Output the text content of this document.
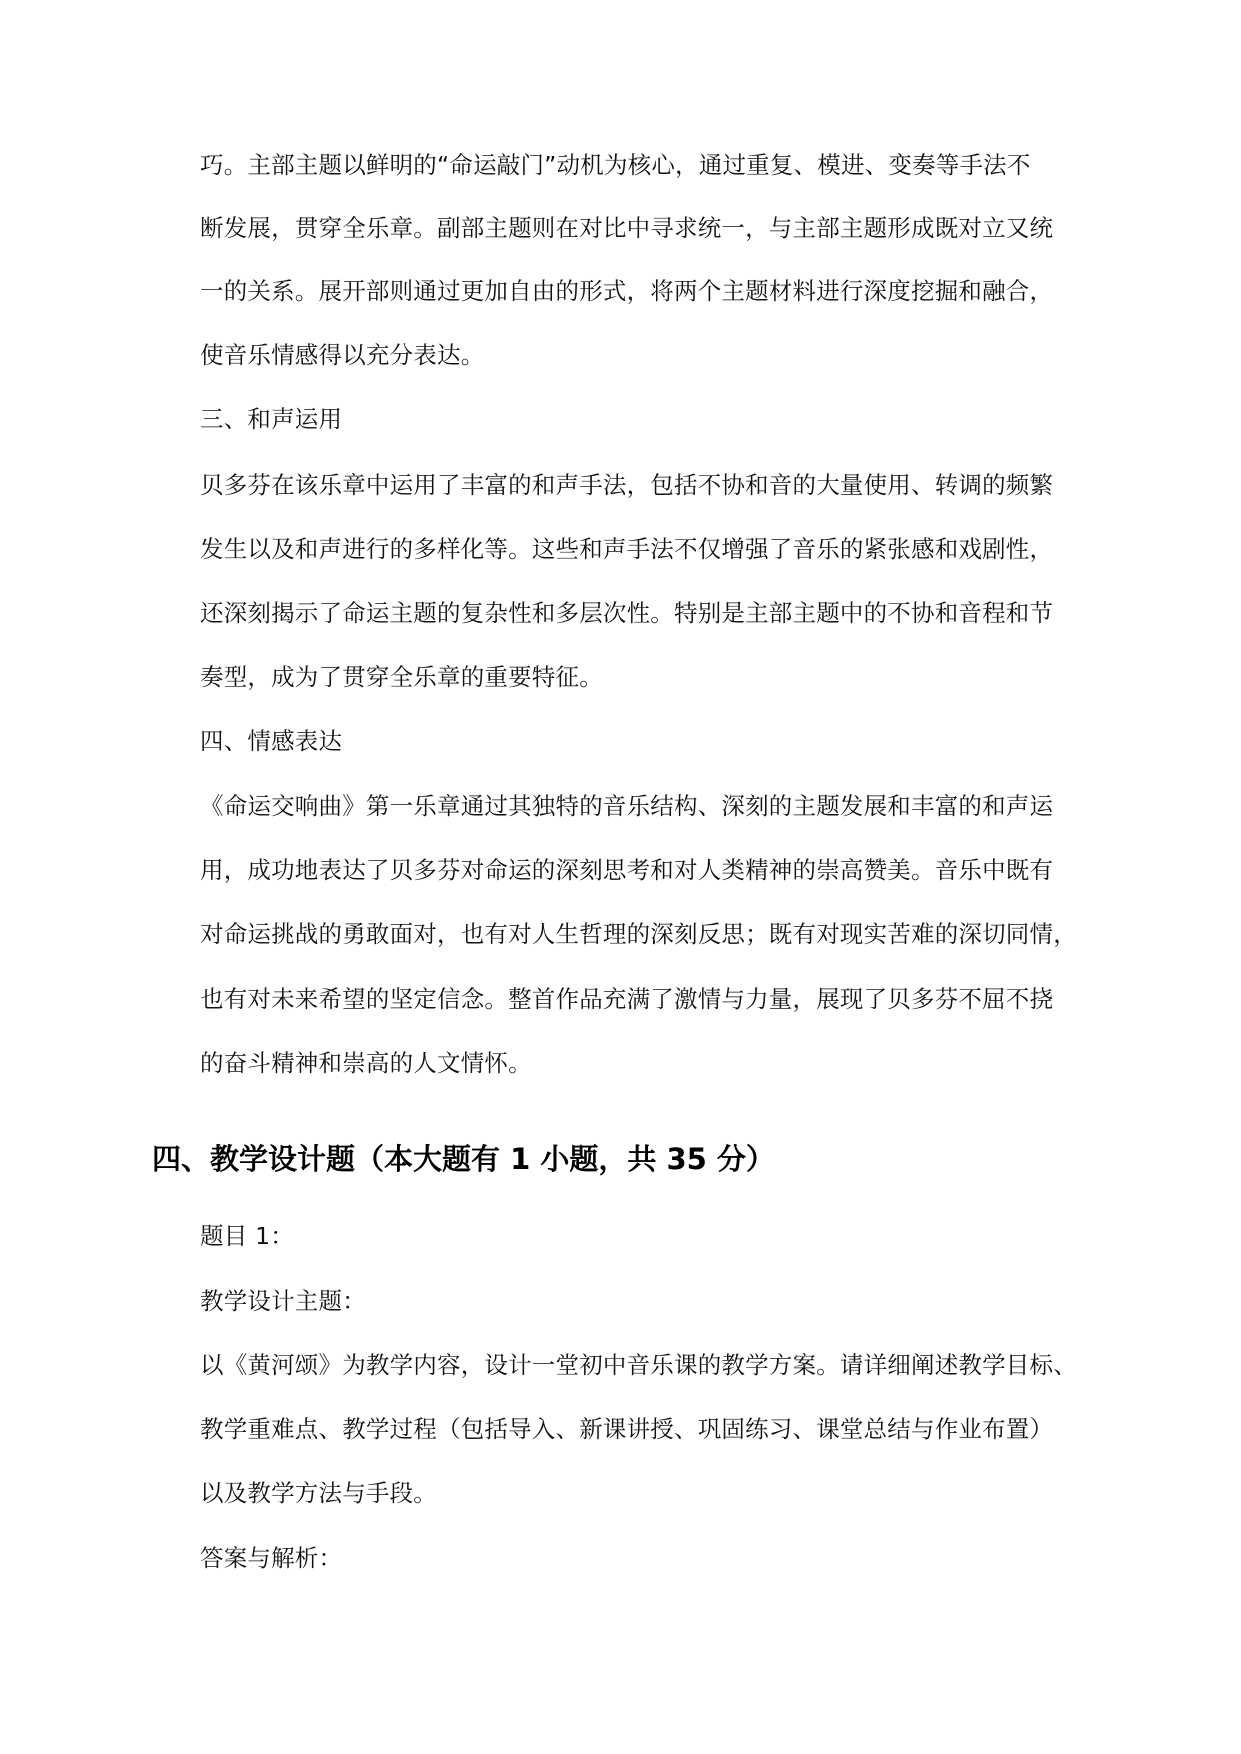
巧。主部主题以鲜明的“命运敲门”动机为核心，通过重复、模进、变奏等手法不

断发展，贯穿全乐章。副部主题则在对比中寻求统一，与主部主题形成既对立又统

一的关系。展开部则通过更加自由的形式，将两个主题材料进行深度挖掘和融合，

使音乐情感得以充分表达。

三、和声运用

贝多芬在该乐章中运用了丰富的和声手法，包括不协和音的大量使用、转调的频繁

发生以及和声进行的多样化等。这些和声手法不仅增强了音乐的紧张感和戏剧性，

还深刻揭示了命运主题的复杂性和多层次性。特别是主部主题中的不协和音程和节

奏型，成为了贯穿全乐章的重要特征。

四、情感表达

《命运交响曲》第一乐章通过其独特的音乐结构、深刻的主题发展和丰富的和声运

用，成功地表达了贝多芬对命运的深刻思考和对人类精神的崇高赞美。音乐中既有

对命运挑战的勇敢面对，也有对人生哲理的深刻反思；既有对现实苦难的深切同情，

也有对未来希望的坚定信念。整首作品充满了激情与力量，展现了贝多芬不屈不挠

的奋斗精神和崇高的人文情怀。

四、教学设计题（本大题有 1 小题，共 35 分）

题目 1：

教学设计主题：

以《黄河颂》为教学内容，设计一堂初中音乐课的教学方案。请详细阐述教学目标、

教学重难点、教学过程（包括导入、新课讲授、巩固练习、课堂总结与作业布置）

以及教学方法与手段。

答案与解析：
